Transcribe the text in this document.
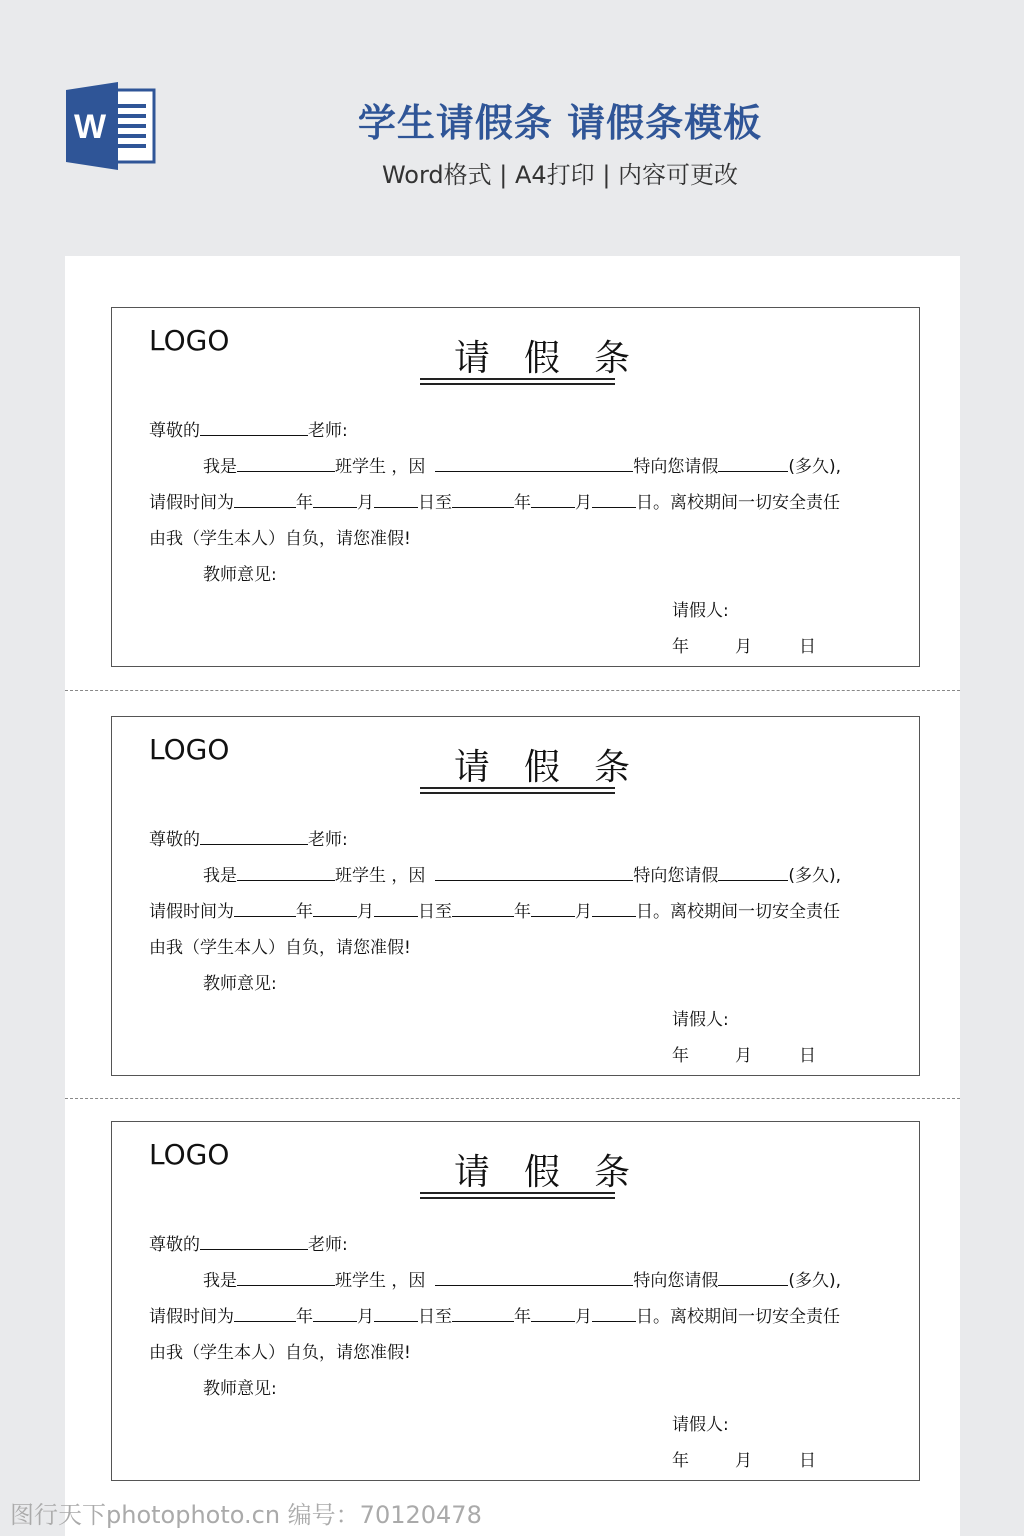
W	学生请假条 请假条模板
Word格式 | A4打印 | 内容可更改
LOGO	请假条
尊敬的	老师:
我是	班学生 ，因	特向您请假	(多久),
请假时间为	年	月	日至	年	月	日。离校期间一切安全责任
由我（学生本人）自负，请您准假!
教师意见:
请假人:
年	月	日
LOGO	请假条
尊敬的	老师:
我是	班学生 ，因	特向您请假	(多久),
请假时间为	年	月	日至	年	月	日。离校期间一切安全责任
由我（学生本人）自负，请您准假!
教师意见:
请假人:
年	月	日
LOGO	请假条
尊敬的	老师:
我是	班学生 ，因	特向您请假	(多久),
请假时间为	年	月	日至	年	月	日。离校期间一切安全责任
由我（学生本人）自负，请您准假!
教师意见:
请假人:
年	月	日
图行天下photophoto.cn 编号：70120478
